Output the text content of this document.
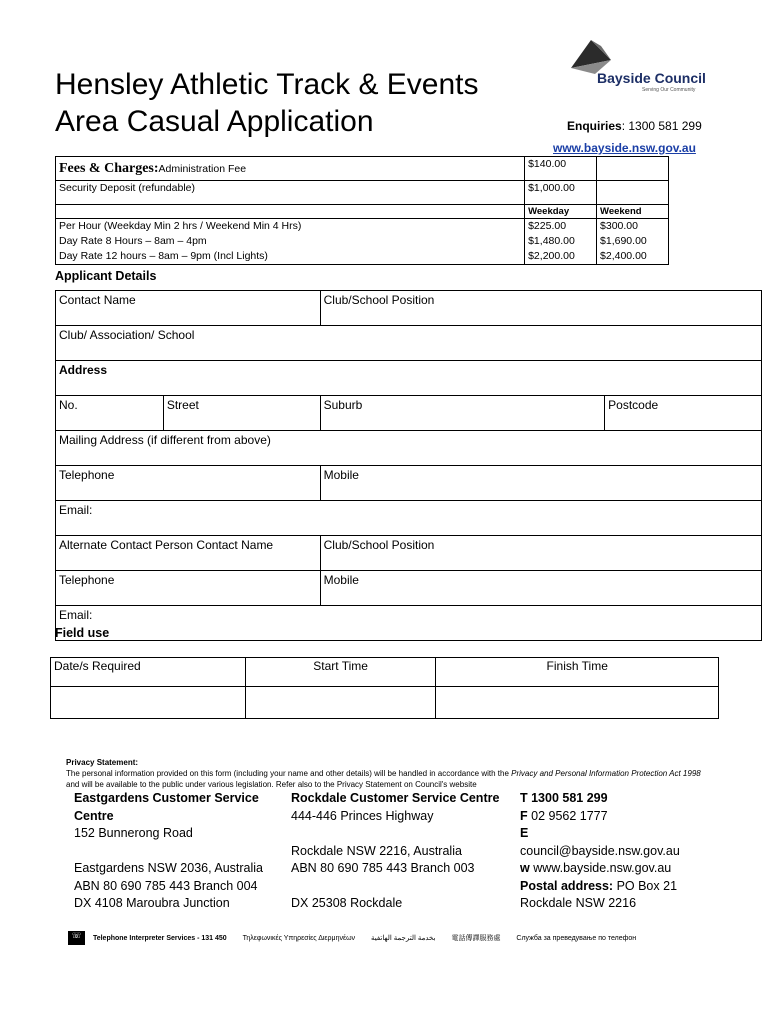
Hensley Athletic Track & Events
Area Casual Application
Bayside Council
Serving Our Community
Enquiries: 1300 581 299
www.bayside.nsw.gov.au
Fees & Charges:Administration Fee	$140.00	
Security Deposit (refundable)	$1,000.00	
	Weekday	Weekend
Per Hour (Weekday Min 2 hrs / Weekend Min 4 Hrs)	$225.00	$300.00
Day Rate 8 Hours – 8am – 4pm	$1,480.00	$1,690.00
Day Rate 12 hours – 8am – 9pm (Incl Lights)	$2,200.00	$2,400.00
Applicant Details
Contact Name		Club/School Position	
Club/ Association/ School			
Address			
No.	Street	Suburb	Postcode
Mailing Address (if different from above)			
Telephone		Mobile	
Email:			
Alternate Contact Person Contact Name		Club/School Position	
Telephone		Mobile	
Email:			
Field use
Date/s Required	Start Time	Finish Time

Privacy Statement:
The personal information provided on this form (including your name and other details) will be handled in accordance with the Privacy and Personal Information Protection Act 1998 and will be available to the public under various legislation. Refer also to the Privacy Statement on Council's website
Eastgardens Customer Service Centre
152 Bunnerong Road
Eastgardens NSW 2036, Australia
ABN 80 690 785 443 Branch 004
DX 4108 Maroubra Junction
Rockdale Customer Service Centre
444-446 Princes Highway
Rockdale NSW 2216, Australia
ABN 80 690 785 443 Branch 003
DX 25308 Rockdale
T 1300 581 299
F 02 9562 1777
E
council@bayside.nsw.gov.au
w www.bayside.nsw.gov.au
Postal address: PO Box 21
Rockdale NSW 2216
☏ Telephone Interpreter Services - 131 450 Τηλεφωνικές Υπηρεσίες Διερμηνέων بخدمة الترجمة الهاتفية 電話傳譯服務處 Служба за преведување по телефон
